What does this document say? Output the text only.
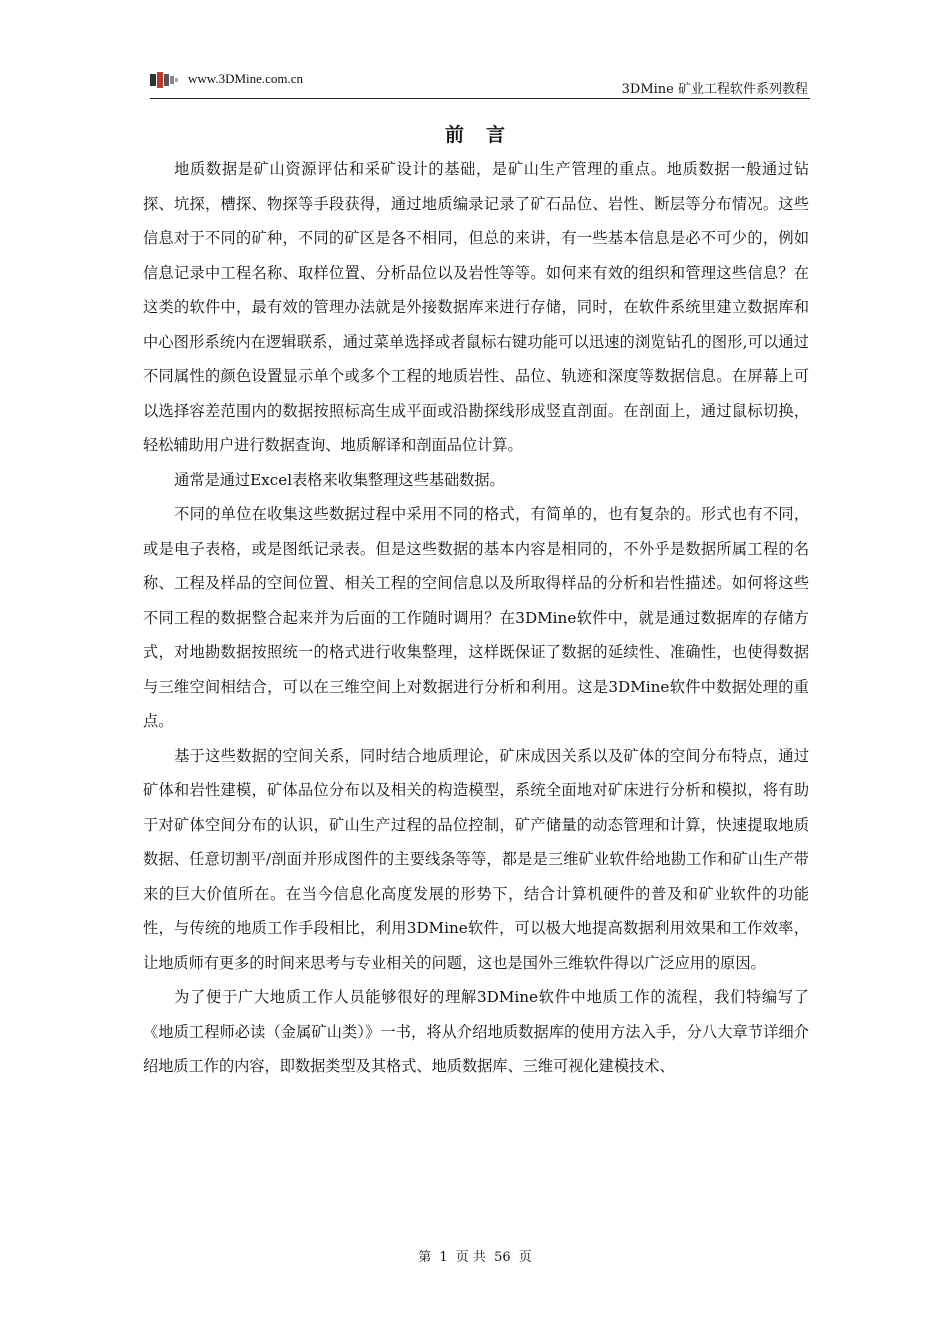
www.3DMine.com.cn
3DMine 矿业工程软件系列教程
前言

地质数据是矿山资源评估和采矿设计的基础，是矿山生产管理的重点。地质数据一般通过钻探、坑探，槽探、物探等手段获得，通过地质编录记录了矿石品位、岩性、断层等分布情况。这些信息对于不同的矿种，不同的矿区是各不相同，但总的来讲，有一些基本信息是必不可少的，例如信息记录中工程名称、取样位置、分析品位以及岩性等等。如何来有效的组织和管理这些信息？在这类的软件中，最有效的管理办法就是外接数据库来进行存储，同时，在软件系统里建立数据库和中心图形系统内在逻辑联系，通过菜单选择或者鼠标右键功能可以迅速的浏览钻孔的图形,可以通过不同属性的颜色设置显示单个或多个工程的地质岩性、品位、轨迹和深度等数据信息。在屏幕上可以选择容差范围内的数据按照标高生成平面或沿勘探线形成竖直剖面。在剖面上，通过鼠标切换，轻松辅助用户进行数据查询、地质解译和剖面品位计算。

通常是通过Excel表格来收集整理这些基础数据。

不同的单位在收集这些数据过程中采用不同的格式，有简单的，也有复杂的。形式也有不同，或是电子表格，或是图纸记录表。但是这些数据的基本内容是相同的，不外乎是数据所属工程的名称、工程及样品的空间位置、相关工程的空间信息以及所取得样品的分析和岩性描述。如何将这些不同工程的数据整合起来并为后面的工作随时调用？在3DMine软件中，就是通过数据库的存储方式，对地勘数据按照统一的格式进行收集整理，这样既保证了数据的延续性、准确性，也使得数据与三维空间相结合，可以在三维空间上对数据进行分析和利用。这是3DMine软件中数据处理的重点。

基于这些数据的空间关系，同时结合地质理论，矿床成因关系以及矿体的空间分布特点，通过矿体和岩性建模，矿体品位分布以及相关的构造模型，系统全面地对矿床进行分析和模拟，将有助于对矿体空间分布的认识，矿山生产过程的品位控制，矿产储量的动态管理和计算，快速提取地质数据、任意切割平/剖面并形成图件的主要线条等等，都是是三维矿业软件给地勘工作和矿山生产带来的巨大价值所在。在当今信息化高度发展的形势下，结合计算机硬件的普及和矿业软件的功能性，与传统的地质工作手段相比，利用3DMine软件，可以极大地提高数据利用效果和工作效率，让地质师有更多的时间来思考与专业相关的问题，这也是国外三维软件得以广泛应用的原因。

为了便于广大地质工作人员能够很好的理解3DMine软件中地质工作的流程，我们特编写了《地质工程师必读（金属矿山类）》一书，将从介绍地质数据库的使用方法入手，分八大章节详细介绍地质工作的内容，即数据类型及其格式、地质数据库、三维可视化建模技术、

第 1 页 共 56 页
